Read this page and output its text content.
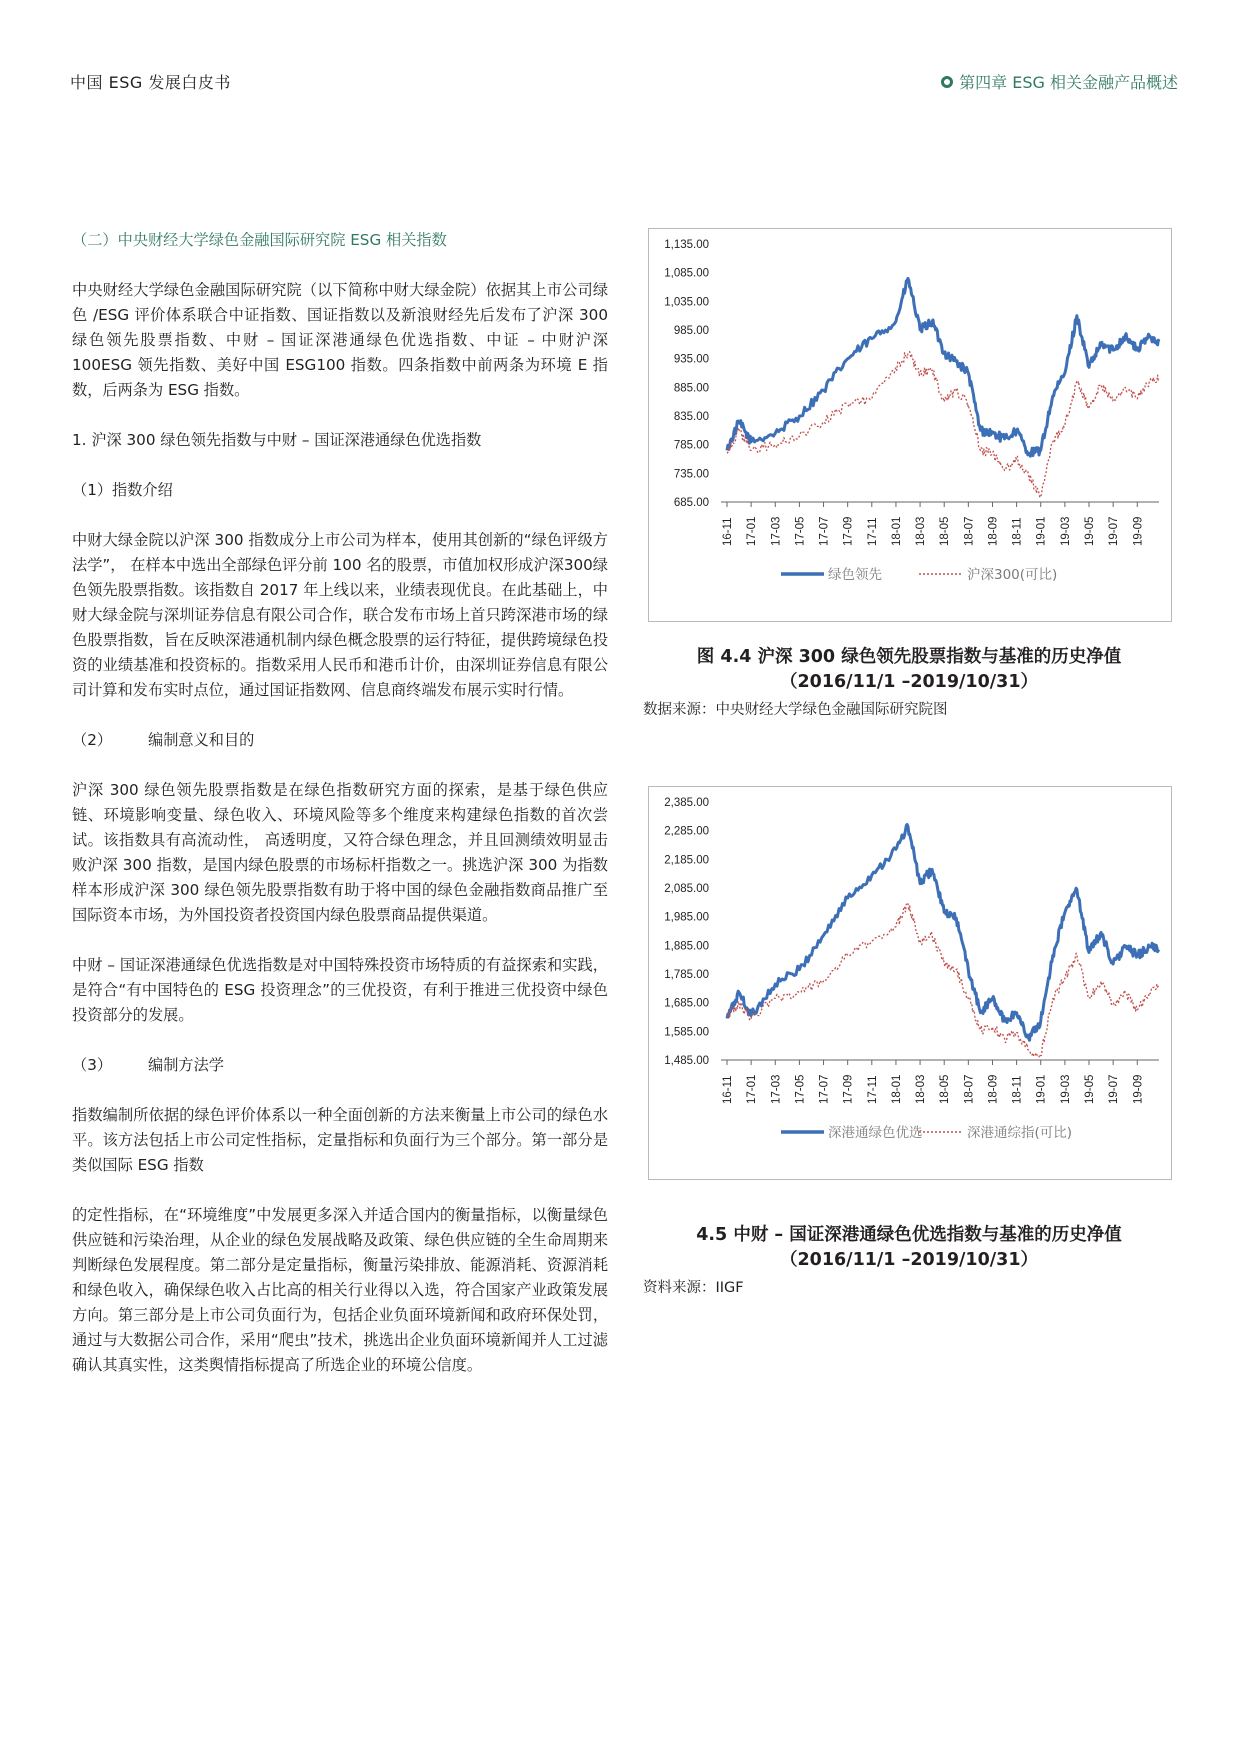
中国 ESG 发展白皮书	第四章 ESG 相关金融产品概述

（二）中央财经大学绿色金融国际研究院 ESG 相关指数

中央财经大学绿色金融国际研究院（以下简称中财大绿金院）依据其上市公司绿色 /ESG 评价体系联合中证指数、国证指数以及新浪财经先后发布了沪深 300 绿色领先股票指数、中财 – 国证深港通绿色优选指数、中证 – 中财沪深 100ESG 领先指数、美好中国 ESG100 指数。四条指数中前两条为环境 E 指数，后两条为 ESG 指数。

1. 沪深 300 绿色领先指数与中财 – 国证深港通绿色优选指数

（1）指数介绍

中财大绿金院以沪深 300 指数成分上市公司为样本，使用其创新的“绿色评级方法学”， 在样本中选出全部绿色评分前 100 名的股票，市值加权形成沪深300绿色领先股票指数。该指数自 2017 年上线以来，业绩表现优良。在此基础上，中财大绿金院与深圳证券信息有限公司合作，联合发布市场上首只跨深港市场的绿色股票指数，旨在反映深港通机制内绿色概念股票的运行特征，提供跨境绿色投资的业绩基准和投资标的。指数采用人民币和港币计价，由深圳证券信息有限公司计算和发布实时点位，通过国证指数网、信息商终端发布展示实时行情。

（2） 编制意义和目的

沪深 300 绿色领先股票指数是在绿色指数研究方面的探索，是基于绿色供应链、环境影响变量、绿色收入、环境风险等多个维度来构建绿色指数的首次尝试。该指数具有高流动性， 高透明度，又符合绿色理念，并且回测绩效明显击败沪深 300 指数，是国内绿色股票的市场标杆指数之一。挑选沪深 300 为指数样本形成沪深 300 绿色领先股票指数有助于将中国的绿色金融指数商品推广至国际资本市场，为外国投资者投资国内绿色股票商品提供渠道。

中财 – 国证深港通绿色优选指数是对中国特殊投资市场特质的有益探索和实践，是符合“有中国特色的 ESG 投资理念”的三优投资，有利于推进三优投资中绿色投资部分的发展。

（3） 编制方法学

指数编制所依据的绿色评价体系以一种全面创新的方法来衡量上市公司的绿色水平。该方法包括上市公司定性指标，定量指标和负面行为三个部分。第一部分是类似国际 ESG 指数

的定性指标，在“环境维度”中发展更多深入并适合国内的衡量指标，以衡量绿色供应链和污染治理，从企业的绿色发展战略及政策、绿色供应链的全生命周期来判断绿色发展程度。第二部分是定量指标，衡量污染排放、能源消耗、资源消耗和绿色收入，确保绿色收入占比高的相关行业得以入选，符合国家产业政策发展方向。第三部分是上市公司负面行为，包括企业负面环境新闻和政府环保处罚，通过与大数据公司合作，采用“爬虫”技术，挑选出企业负面环境新闻并人工过滤确认其真实性，这类舆情指标提高了所选企业的环境公信度。

1,135.00
1,085.00
1,035.00
985.00
935.00
885.00
835.00
785.00
735.00
685.00
16-11 17-01 17-03 17-05 17-07 17-09 17-11 18-01 18-03 18-05 18-07 18-09 18-11 19-01 19-03 19-05 19-07 19-09
绿色领先	沪深300(可比)
图 4.4 沪深 300 绿色领先股票指数与基准的历史净值
（2016/11/1 –2019/10/31）
数据来源：中央财经大学绿色金融国际研究院图
2,385.00
2,285.00
2,185.00
2,085.00
1,985.00
1,885.00
1,785.00
1,685.00
1,585.00
1,485.00
16-11 17-01 17-03 17-05 17-07 17-09 17-11 18-01 18-03 18-05 18-07 18-09 18-11 19-01 19-03 19-05 19-07 19-09
深港通绿色优选	深港通综指(可比)
4.5 中财 – 国证深港通绿色优选指数与基准的历史净值
（2016/11/1 –2019/10/31）
资料来源：IIGF
